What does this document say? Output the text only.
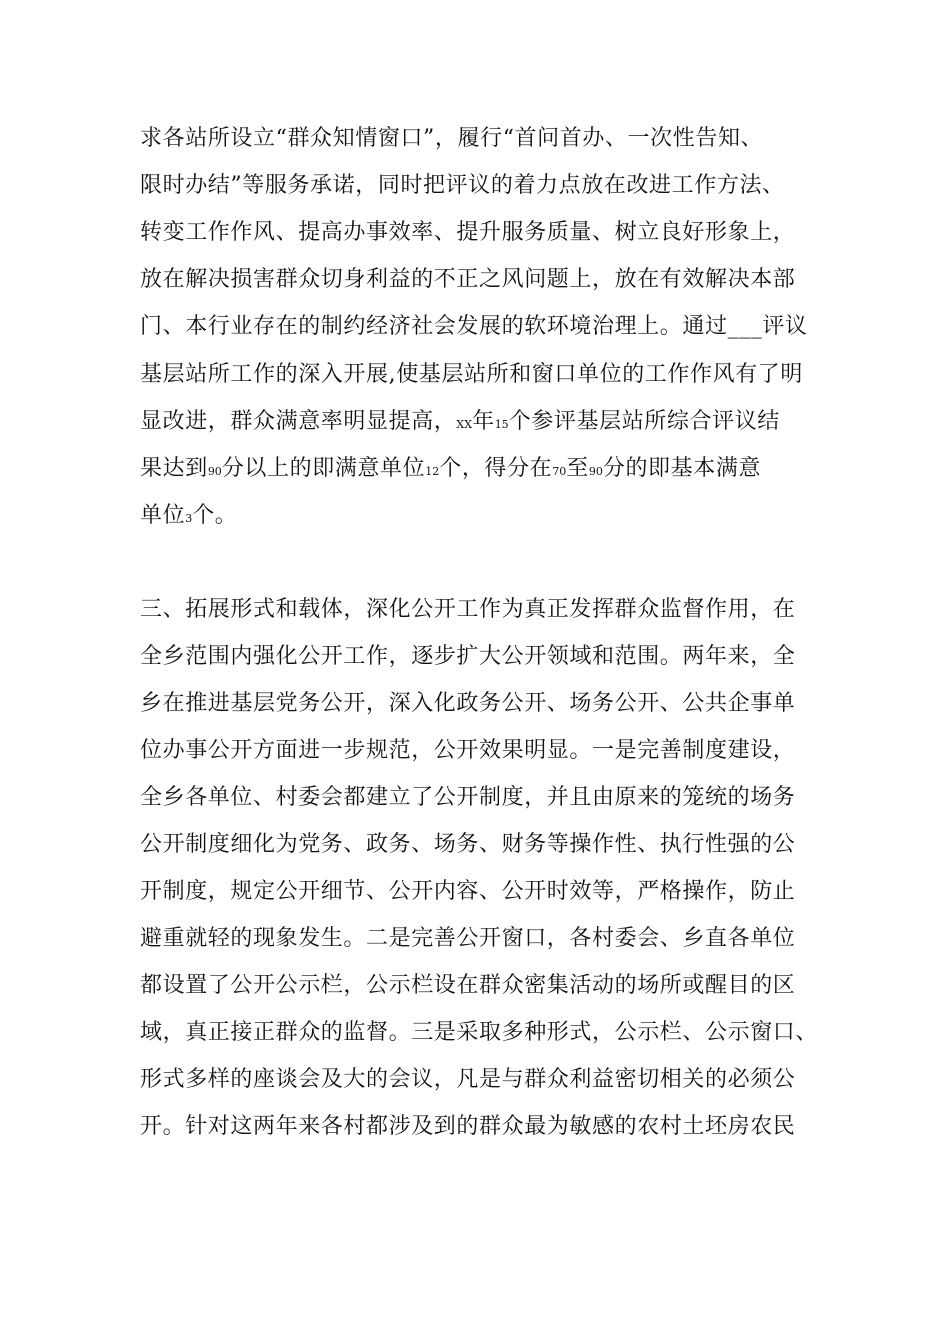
求各站所设立“群众知情窗口”，履行“首问首办、一次性告知、
限时办结”等服务承诺，同时把评议的着力点放在改进工作方法、
转变工作作风、提高办事效率、提升服务质量、树立良好形象上，
放在解决损害群众切身利益的不正之风问题上，放在有效解决本部
门、本行业存在的制约经济社会发展的软环境治理上。通过___评议
基层站所工作的深入开展,使基层站所和窗口单位的工作作风有了明
显改进，群众满意率明显提高，XX年15个参评基层站所综合评议结
果达到90分以上的即满意单位12个，得分在70至90分的即基本满意
单位3个。
三、拓展形式和载体，深化公开工作为真正发挥群众监督作用，在
全乡范围内强化公开工作，逐步扩大公开领域和范围。两年来，全
乡在推进基层党务公开，深入化政务公开、场务公开、公共企事单
位办事公开方面进一步规范，公开效果明显。一是完善制度建设，
全乡各单位、村委会都建立了公开制度，并且由原来的笼统的场务
公开制度细化为党务、政务、场务、财务等操作性、执行性强的公
开制度，规定公开细节、公开内容、公开时效等，严格操作，防止
避重就轻的现象发生。二是完善公开窗口，各村委会、乡直各单位
都设置了公开公示栏，公示栏设在群众密集活动的场所或醒目的区
域，真正接正群众的监督。三是采取多种形式，公示栏、公示窗口、
形式多样的座谈会及大的会议，凡是与群众利益密切相关的必须公
开。针对这两年来各村都涉及到的群众最为敏感的农村土坯房农民
